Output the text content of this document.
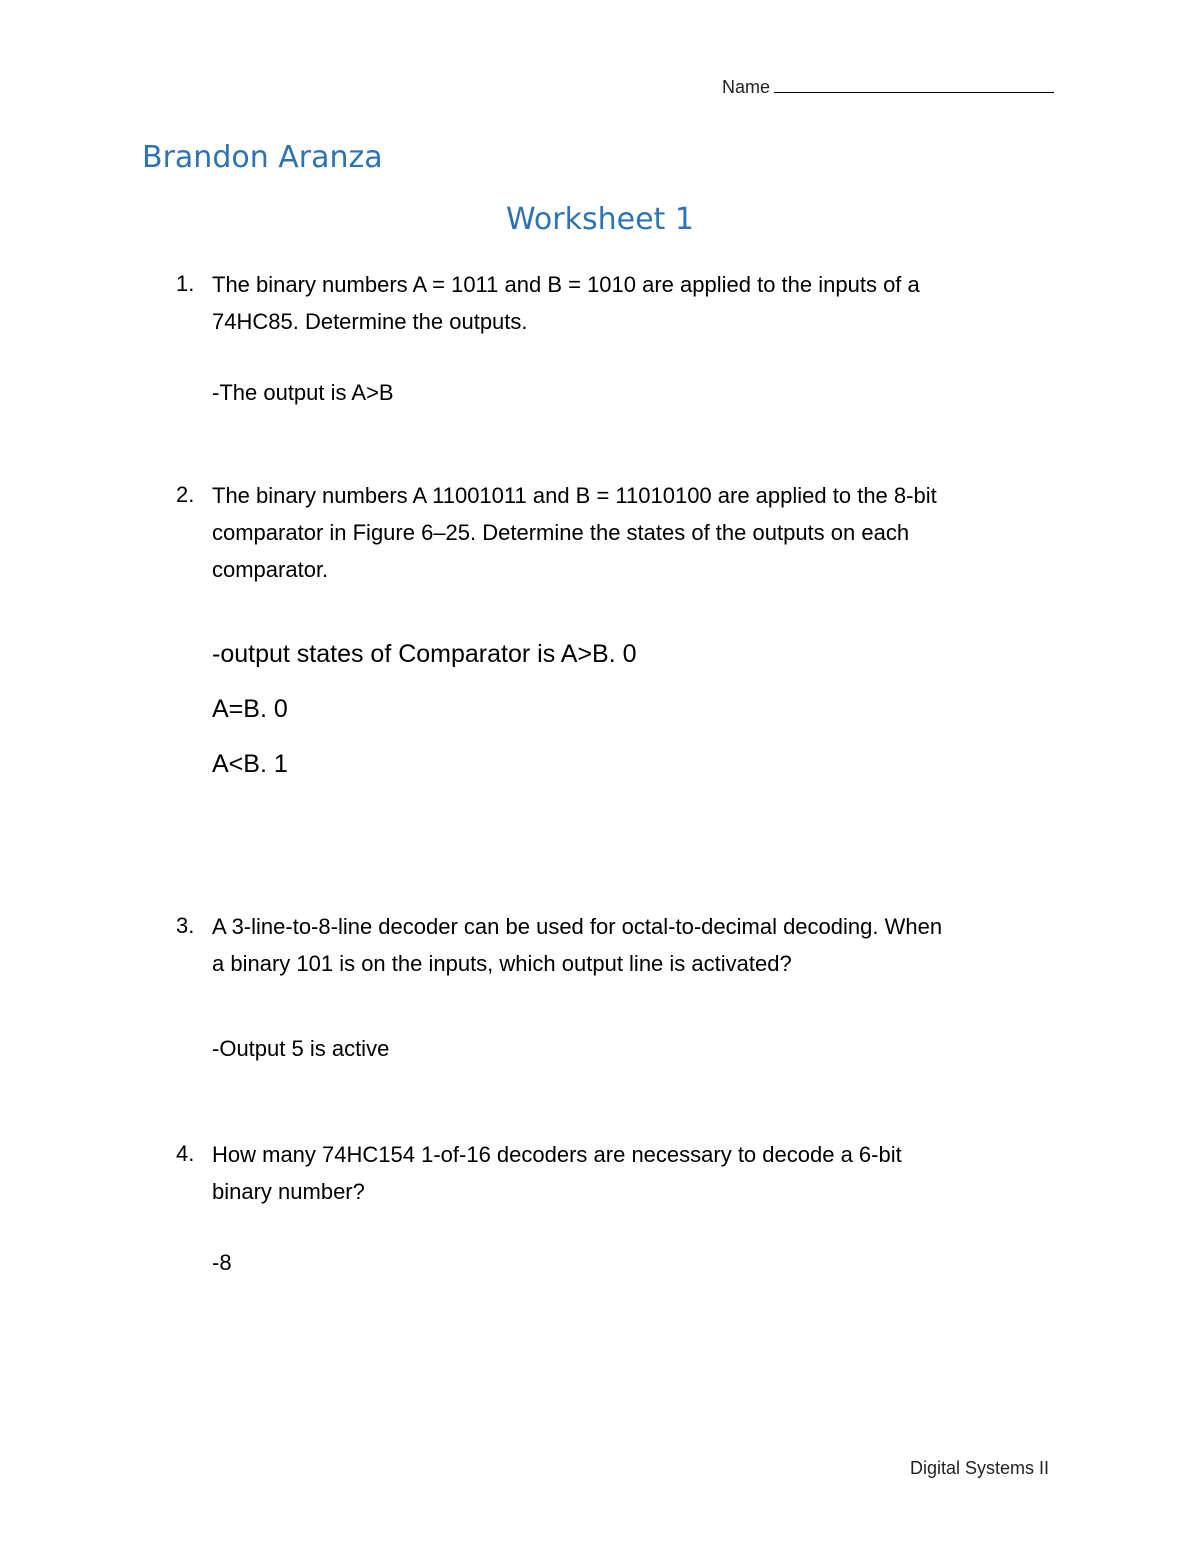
Name
Brandon Aranza
Worksheet 1
1. The binary numbers A = 1011 and B = 1010 are applied to the inputs of a
74HC85. Determine the outputs.
-The output is A>B
2. The binary numbers A 11001011 and B = 11010100 are applied to the 8-bit
comparator in Figure 6–25. Determine the states of the outputs on each
comparator.
-output states of Comparator is A>B. 0
A=B. 0
A<B. 1
3. A 3-line-to-8-line decoder can be used for octal-to-decimal decoding. When
a binary 101 is on the inputs, which output line is activated?
-Output 5 is active
4. How many 74HC154 1-of-16 decoders are necessary to decode a 6-bit
binary number?
-8
Digital Systems II
